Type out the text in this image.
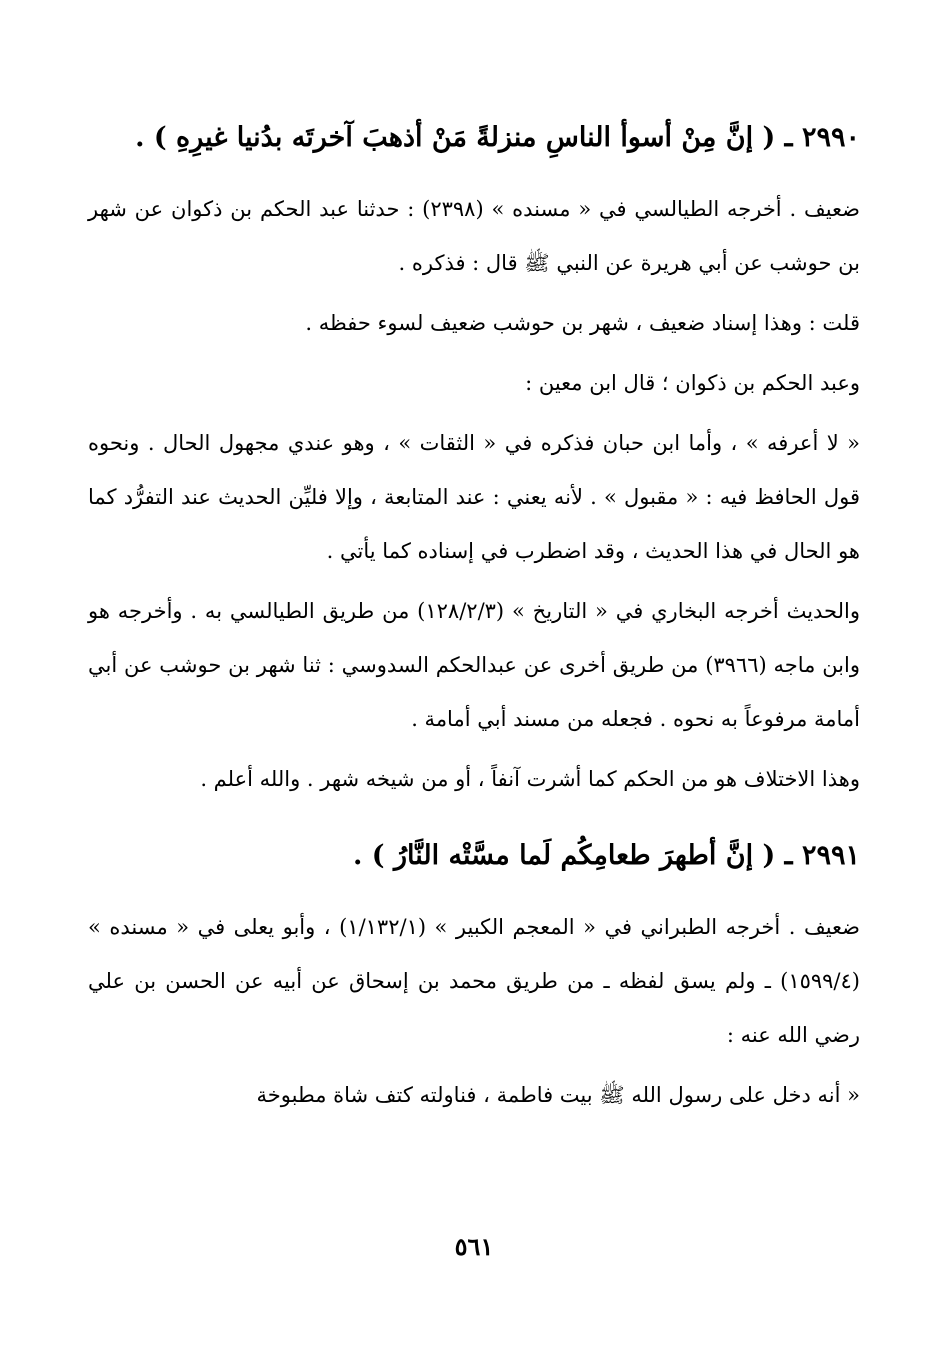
٢٩٩٠ ـ ( إنَّ مِنْ أسوأ الناسِ منزلةً مَنْ أذهبَ آخرتَه بدُنيا غيرِهِ ) .

ضعيف . أخرجه الطيالسي في « مسنده » (٢٣٩٨) : حدثنا عبد الحكم بن ذكوان عن شهر بن حوشب عن أبي هريرة عن النبي ﷺ قال : فذكره .

قلت : وهذا إسناد ضعيف ، شهر بن حوشب ضعيف لسوء حفظه .

وعبد الحكم بن ذكوان ؛ قال ابن معين :

« لا أعرفه » ، وأما ابن حبان فذكره في « الثقات » ، وهو عندي مجهول الحال . ونحوه قول الحافظ فيه : « مقبول » . لأنه يعني : عند المتابعة ، وإلا فليِّن الحديث عند التفرُّد كما هو الحال في هذا الحديث ، وقد اضطرب في إسناده كما يأتي .

والحديث أخرجه البخاري في « التاريخ » (١٢٨/٢/٣) من طريق الطيالسي به . وأخرجه هو وابن ماجه (٣٩٦٦) من طريق أخرى عن عبدالحكم السدوسي : ثنا شهر بن حوشب عن أبي أمامة مرفوعاً به نحوه . فجعله من مسند أبي أمامة .

وهذا الاختلاف هو من الحكم كما أشرت آنفاً ، أو من شيخه شهر . والله أعلم .

٢٩٩١ ـ ( إنَّ أطهرَ طعامِكُم لَما مسَّتْه النَّارُ ) .

ضعيف . أخرجه الطبراني في « المعجم الكبير » (١/١٣٢/١) ، وأبو يعلى في « مسنده » (١٥٩٩/٤) ـ ولم يسق لفظه ـ من طريق محمد بن إسحاق عن أبيه عن الحسن بن علي رضي الله عنه :

« أنه دخل على رسول الله ﷺ بيت فاطمة ، فناولته كتف شاة مطبوخة

٥٦١
